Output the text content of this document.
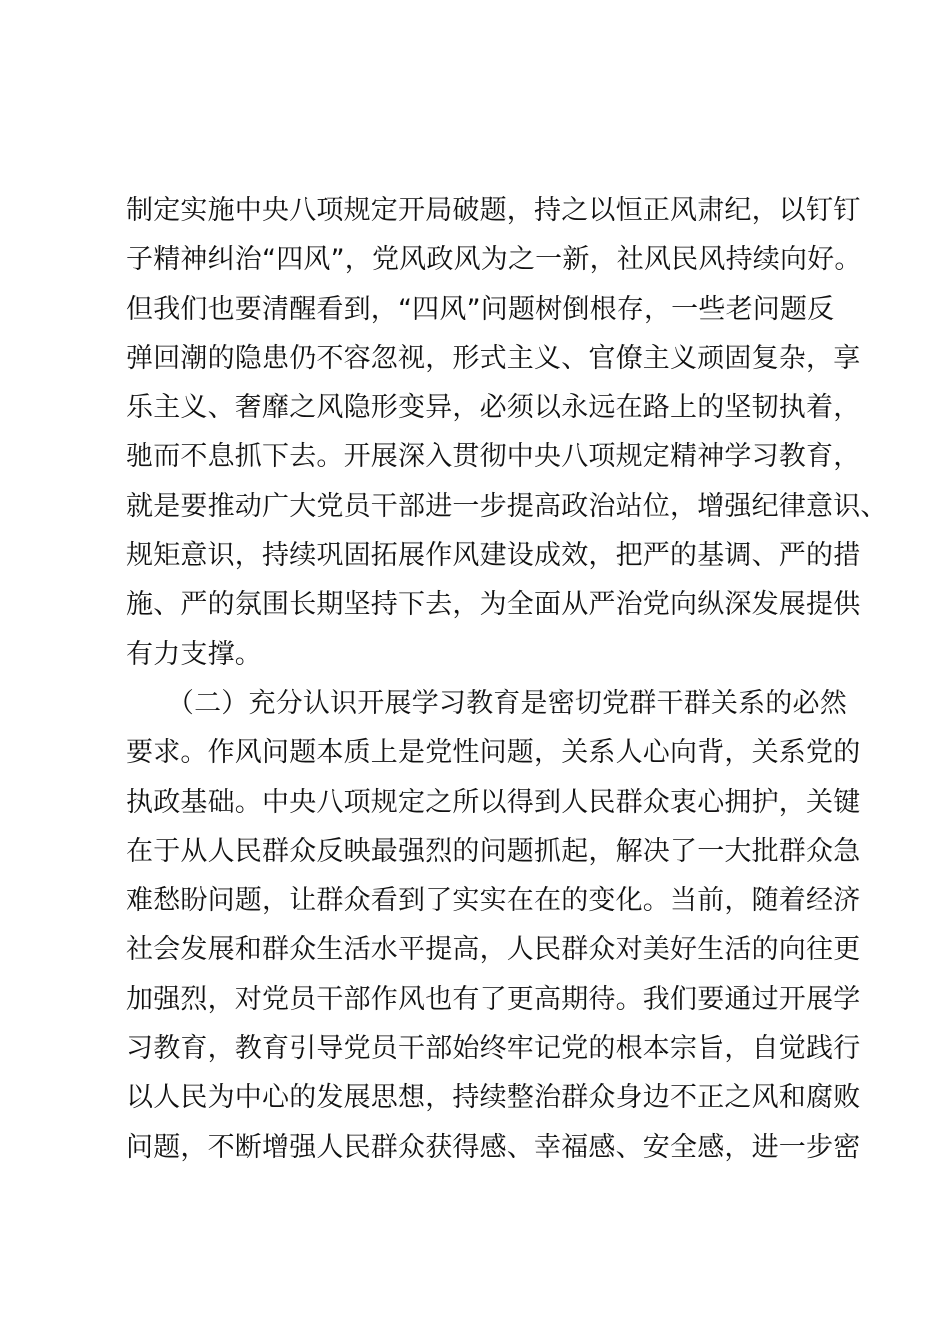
制定实施中央八项规定开局破题，持之以恒正风肃纪，以钉钉
子精神纠治“四风”，党风政风为之一新，社风民风持续向好。
但我们也要清醒看到，“四风”问题树倒根存，一些老问题反
弹回潮的隐患仍不容忽视，形式主义、官僚主义顽固复杂，享
乐主义、奢靡之风隐形变异，必须以永远在路上的坚韧执着，
驰而不息抓下去。开展深入贯彻中央八项规定精神学习教育，
就是要推动广大党员干部进一步提高政治站位，增强纪律意识、
规矩意识，持续巩固拓展作风建设成效，把严的基调、严的措
施、严的氛围长期坚持下去，为全面从严治党向纵深发展提供
有力支撑。
　　（二）充分认识开展学习教育是密切党群干群关系的必然
要求。作风问题本质上是党性问题，关系人心向背，关系党的
执政基础。中央八项规定之所以得到人民群众衷心拥护，关键
在于从人民群众反映最强烈的问题抓起，解决了一大批群众急
难愁盼问题，让群众看到了实实在在的变化。当前，随着经济
社会发展和群众生活水平提高，人民群众对美好生活的向往更
加强烈，对党员干部作风也有了更高期待。我们要通过开展学
习教育，教育引导党员干部始终牢记党的根本宗旨，自觉践行
以人民为中心的发展思想，持续整治群众身边不正之风和腐败
问题，不断增强人民群众获得感、幸福感、安全感，进一步密
